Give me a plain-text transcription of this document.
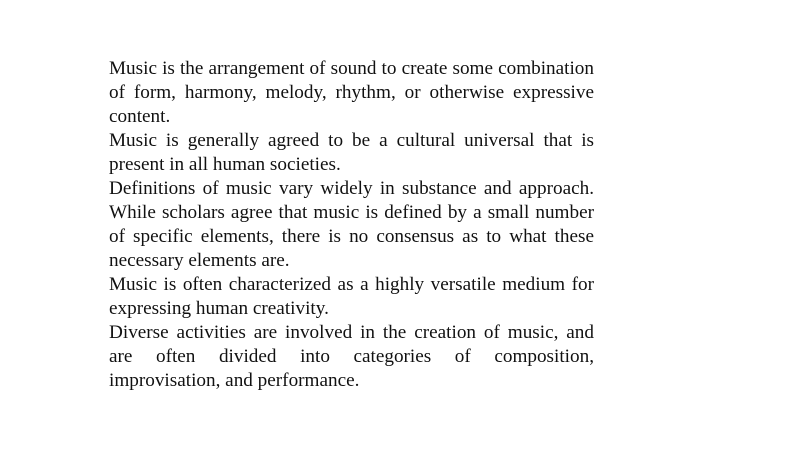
Music is the arrangement of sound to create some combination of form, harmony, melody, rhythm, or otherwise expressive content.

Music is generally agreed to be a cultural universal that is present in all human societies.

Definitions of music vary widely in substance and approach. While scholars agree that music is defined by a small number of specific elements, there is no consensus as to what these necessary elements are.

Music is often characterized as a highly versatile medium for expressing human creativity.

Diverse activities are involved in the creation of music, and are often divided into categories of composition, improvisation, and performance.
